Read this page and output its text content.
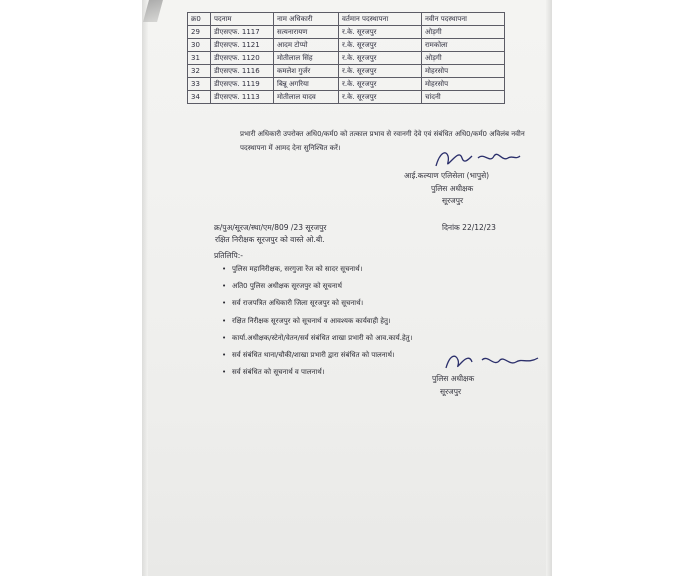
क्र0	पदनाम	नाम अधिकारी	वर्तमान पदस्थापना	नवीन पदस्थापना
29	डीएसएफ. 1117	सत्यनारायण	र.के. सूरजपुर	ओड़गी
30	डीएसएफ. 1121	आदम टोप्पो	र.के. सूरजपुर	रामकोला
31	डीएसएफ. 1120	मोतीलाल सिंह	र.के. सूरजपुर	ओड़गी
32	डीएसएफ. 1116	कमलेश गुर्जर	र.के. सूरजपुर	मोहरसोप
33	डीएसएफ. 1119	बिन्नू अगरिया	र.के. सूरजपुर	मोहरसोप
34	डीएसएफ. 1113	मोतीलाल यादव	र.के. सूरजपुर	चांदनी
प्रभारी अधिकारी उपरोक्त अधि0/कर्म0 को तत्काल प्रभाव से रवानगी देवे एवं संबंधित अधि0/कर्म0 अविलंब नवीन पदस्थापना में आमद देना सुनिश्चित करें।
आई.कल्याण एलिसेला (भापुसे)
पुलिस अधीक्षक
सूरजपुर
क्र/पुअ/सूरज/स्था/एम/809 /23 सूरजपुर	दिनांक 22/12/23
रक्षित निरीक्षक सूरजपुर को वास्ते ओ.बी.
प्रतिलिपि:-
• पुलिस महानिरीक्षक, सरगुजा रेंज को सादर सूचनार्थ।
• अति0 पुलिस अधीक्षक सूरजपुर को सूचनार्थ
• सर्व राजपत्रित अधिकारी जिला सूरजपुर को सूचनार्थ।
• रक्षित निरीक्षक सूरजपुर को सूचनार्थ व आवश्यक कार्यवाही हेतु।
• कार्या.अधीक्षक/स्टेनो/वेतन/सर्व संबंधित शाखा प्रभारी को आव.कार्य.हेतु।
• सर्व संबंधित थाना/चौकी/शाखा प्रभारी द्वारा संबंधित को पालनार्थ।
• सर्व संबंधित को सूचनार्थ व पालनार्थ।
पुलिस अधीक्षक
सूरजपुर
